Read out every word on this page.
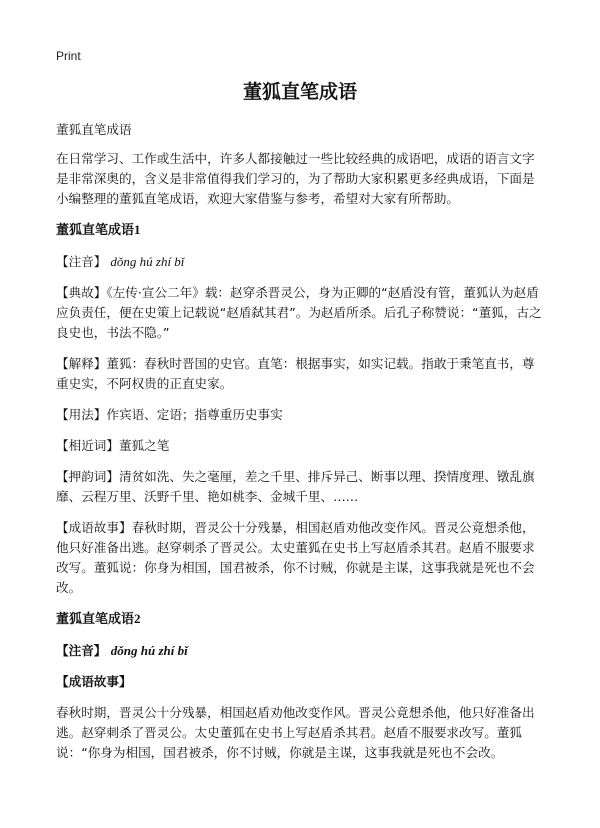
Print
董狐直笔成语

董狐直笔成语

在日常学习、工作或生活中，许多人都接触过一些比较经典的成语吧，成语的语言文字是非常深奥的，含义是非常值得我们学习的，为了帮助大家积累更多经典成语，下面是小编整理的董狐直笔成语，欢迎大家借鉴与参考，希望对大家有所帮助。

董狐直笔成语1

【注音】 dǒng hú zhí bǐ

【典故】《左传·宣公二年》载：赵穿杀晋灵公，身为正卿的“赵盾没有管，董狐认为赵盾应负责任，便在史策上记载说“赵盾弑其君”。为赵盾所杀。后孔子称赞说：“董狐，古之良史也，书法不隐。”

【解释】董狐：春秋时晋国的史官。直笔：根据事实，如实记载。指敢于秉笔直书，尊重史实，不阿权贵的正直史家。

【用法】作宾语、定语；指尊重历史事实

【相近词】董狐之笔

【押韵词】清贫如洗、失之毫厘，差之千里、排斥异己、断事以理、揆情度理、镦乱旗靡、云程万里、沃野千里、艳如桃李、金城千里、……

【成语故事】春秋时期，晋灵公十分残暴，相国赵盾劝他改变作风。晋灵公竟想杀他，他只好准备出逃。赵穿刺杀了晋灵公。太史董狐在史书上写赵盾杀其君。赵盾不服要求改写。董狐说：你身为相国，国君被杀，你不讨贼，你就是主谋，这事我就是死也不会改。

董狐直笔成语2

【注音】 dǒng hú zhí bǐ

【成语故事】

春秋时期，晋灵公十分残暴，相国赵盾劝他改变作风。晋灵公竟想杀他，他只好准备出逃。赵穿刺杀了晋灵公。太史董狐在史书上写赵盾杀其君。赵盾不服要求改写。董狐说：“你身为相国，国君被杀，你不讨贼，你就是主谋，这事我就是死也不会改。
